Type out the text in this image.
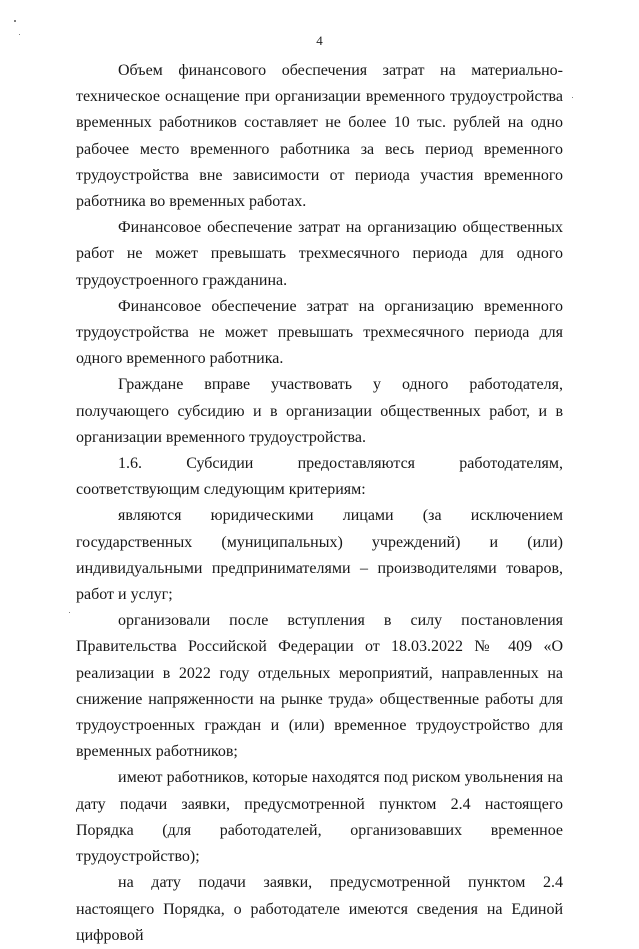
4

Объем финансового обеспечения затрат на материально-техническое оснащение при организации временного трудоустройства временных работников составляет не более 10 тыс. рублей на одно рабочее место временного работника за весь период временного трудоустройства вне зависимости от периода участия временного работника во временных работах.

Финансовое обеспечение затрат на организацию общественных работ не может превышать трехмесячного периода для одного трудоустроенного гражданина.

Финансовое обеспечение затрат на организацию временного трудоустройства не может превышать трехмесячного периода для одного временного работника.

Граждане вправе участвовать у одного работодателя, получающего субсидию и в организации общественных работ, и в организации временного трудоустройства.

1.6. Субсидии предоставляются работодателям, соответствующим следующим критериям:

являются юридическими лицами (за исключением государственных (муниципальных) учреждений) и (или) индивидуальными предпринимателями – производителями товаров, работ и услуг;

организовали после вступления в силу постановления Правительства Российской Федерации от 18.03.2022 № 409 «О реализации в 2022 году отдельных мероприятий, направленных на снижение напряженности на рынке труда» общественные работы для трудоустроенных граждан и (или) временное трудоустройство для временных работников;

имеют работников, которые находятся под риском увольнения на дату подачи заявки, предусмотренной пунктом 2.4 настоящего Порядка (для работодателей, организовавших временное трудоустройство);

на дату подачи заявки, предусмотренной пунктом 2.4 настоящего Порядка, о работодателе имеются сведения на Единой цифровой
